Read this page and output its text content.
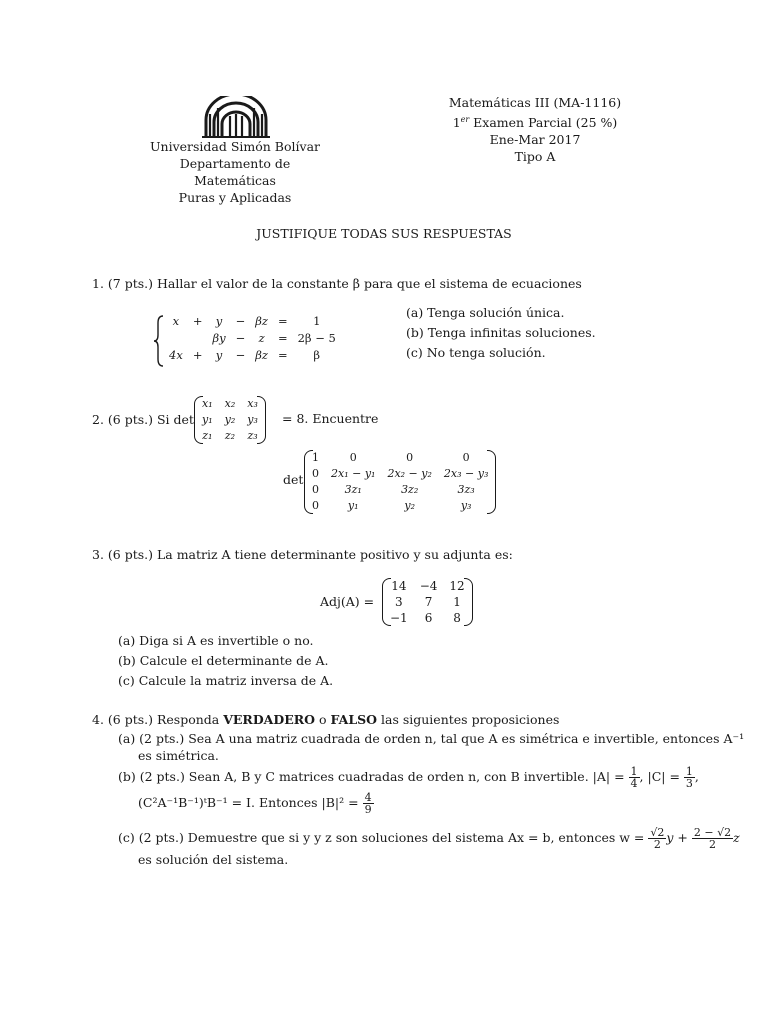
Universidad Simón Bolívar
Departamento de Matemáticas
Puras y Aplicadas
Matemáticas III (MA-1116)
1er Examen Parcial (25 %)
Ene-Mar 2017
Tipo A
JUSTIFIQUE TODAS SUS RESPUESTAS
1. (7 pts.) Hallar el valor de la constante β para que el sistema de ecuaciones
x	+	y	−	βz	=	1
		βy	−	z	=	2β − 5
4x	+	y	−	βz	=	β
(a) Tenga solución única.
(b) Tenga infinitas soluciones.
(c) No tenga solución.
2. (6 pts.) Si det
x₁	x₂	x₃
y₁	y₂	y₃
z₁	z₂	z₃
= 8. Encuentre
det
1	0	0	0
0	2x₁ − y₁	2x₂ − y₂	2x₃ − y₃
0	3z₁	3z₂	3z₃
0	y₁	y₂	y₃
3. (6 pts.) La matriz A tiene determinante positivo y su adjunta es:
Adj(A) =
14	−4	12
3	7	1
−1	6	8
(a) Diga si A es invertible o no.
(b) Calcule el determinante de A.
(c) Calcule la matriz inversa de A.
4. (6 pts.) Responda VERDADERO o FALSO las siguientes proposiciones
(a) (2 pts.) Sea A una matriz cuadrada de orden n, tal que A es simétrica e invertible, entonces A⁻¹
es simétrica.
(b) (2 pts.) Sean A, B y C matrices cuadradas de orden n, con B invertible. $|A| = \frac{1}{4}$ , $|C| = \frac{1}{3}$ ,
(C²A⁻¹B⁻¹)ᵗB⁻¹ = I. Entonces $|B|^2 = \frac{4}{9}$
(c) (2 pts.) Demuestre que si y y z son soluciones del sistema Ax = b, entonces $w = \frac{√2}{2}$ $y + \frac{2 - √2}{2}$ z
es solución del sistema.
